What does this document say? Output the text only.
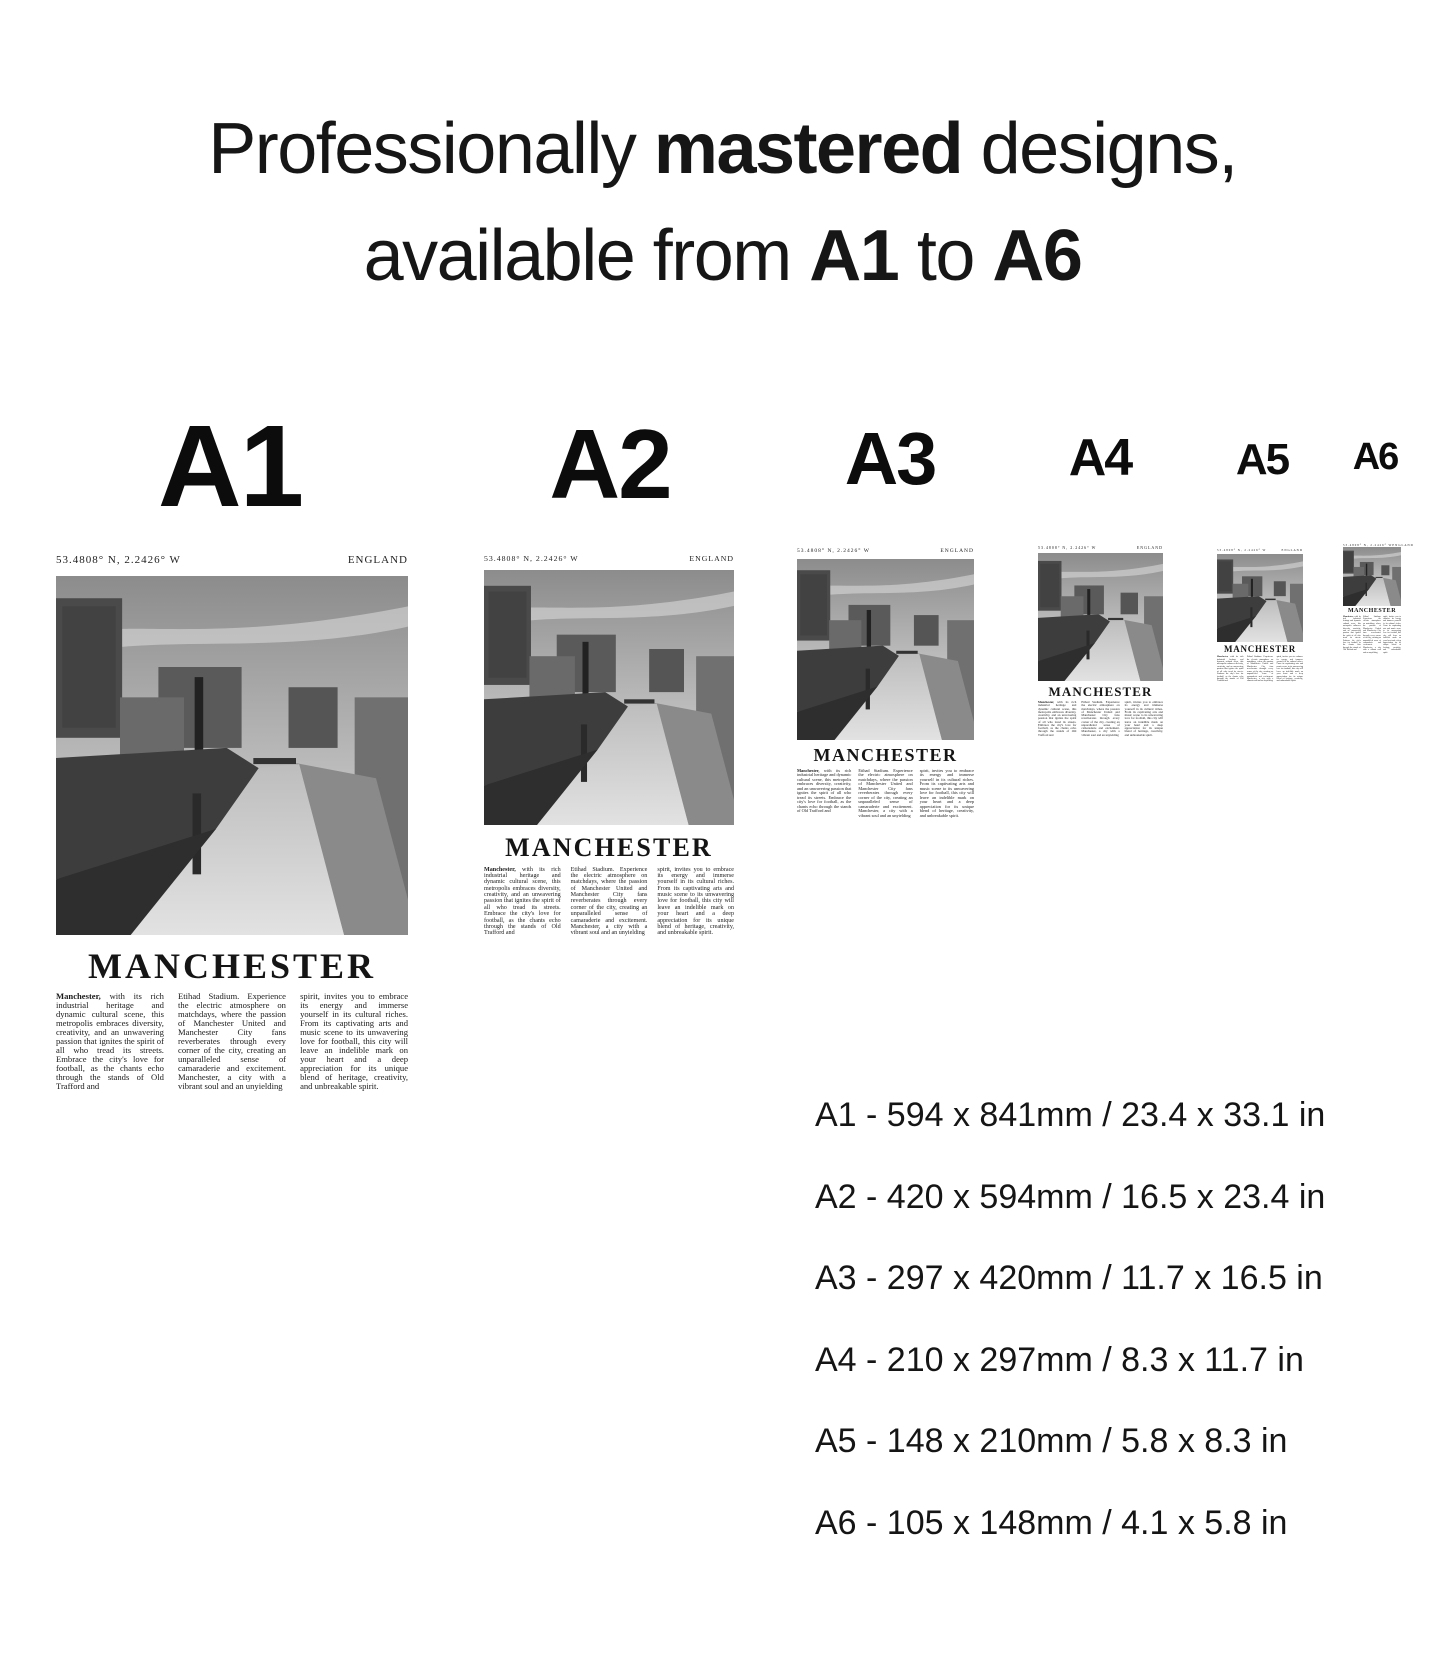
Professionally mastered designs,
available from A1 to A6
A1	A2 A3	A4	A5	A6
53.4808° N, 2.2426° W	ENGLAND
MANCHESTER

Manchester, with its rich industrial heritage and dynamic cultural scene, this metropolis embraces diversity, creativity, and an unwavering passion that ignites the spirit of all who tread its streets. Embrace the city's love for football, as the chants echo through the stands of Old Trafford and

Etihad Stadium. Experience the electric atmosphere on matchdays, where the passion of Manchester United and Manchester City fans reverberates through every corner of the city, creating an unparalleled sense of camaraderie and excitement. Manchester, a city with a vibrant soul and an unyielding

spirit, invites you to embrace its energy and immerse yourself in its cultural riches. From its captivating arts and music scene to its unwavering love for football, this city will leave an indelible mark on your heart and a deep appreciation for its unique blend of heritage, creativity, and unbreakable spirit.

53.4808° N, 2.2426° W	ENGLAND
MANCHESTER

Manchester, with its rich industrial heritage and dynamic cultural scene, this metropolis embraces diversity, creativity, and an unwavering passion that ignites the spirit of all who tread its streets. Embrace the city's love for football, as the chants echo through the stands of Old Trafford and

Etihad Stadium. Experience the electric atmosphere on matchdays, where the passion of Manchester United and Manchester City fans reverberates through every corner of the city, creating an unparalleled sense of camaraderie and excitement. Manchester, a city with a vibrant soul and an unyielding

spirit, invites you to embrace its energy and immerse yourself in its cultural riches. From its captivating arts and music scene to its unwavering love for football, this city will leave an indelible mark on your heart and a deep appreciation for its unique blend of heritage, creativity, and unbreakable spirit.

53.4808° N, 2.2426° W	ENGLAND
MANCHESTER

Manchester, with its rich industrial heritage and dynamic cultural scene, this metropolis embraces diversity, creativity, and an unwavering passion that ignites the spirit of all who tread its streets. Embrace the city's love for football, as the chants echo through the stands of Old Trafford and

Etihad Stadium. Experience the electric atmosphere on matchdays, where the passion of Manchester United and Manchester City fans reverberates through every corner of the city, creating an unparalleled sense of camaraderie and excitement. Manchester, a city with a vibrant soul and an unyielding

spirit, invites you to embrace its energy and immerse yourself in its cultural riches. From its captivating arts and music scene to its unwavering love for football, this city will leave an indelible mark on your heart and a deep appreciation for its unique blend of heritage, creativity, and unbreakable spirit.

53.4808° N, 2.2426° W	ENGLAND
MANCHESTER

Manchester, with its rich industrial heritage and dynamic cultural scene, this metropolis embraces diversity, creativity, and an unwavering passion that ignites the spirit of all who tread its streets. Embrace the city's love for football, as the chants echo through the stands of Old Trafford and

Etihad Stadium. Experience the electric atmosphere on matchdays, where the passion of Manchester United and Manchester City fans reverberates through every corner of the city, creating an unparalleled sense of camaraderie and excitement. Manchester, a city with a vibrant soul and an unyielding

spirit, invites you to embrace its energy and immerse yourself in its cultural riches. From its captivating arts and music scene to its unwavering love for football, this city will leave an indelible mark on your heart and a deep appreciation for its unique blend of heritage, creativity, and unbreakable spirit.

53.4808° N, 2.2426° W	ENGLAND
MANCHESTER

Manchester, with its rich industrial heritage and dynamic cultural scene, this metropolis embraces diversity, creativity, and an unwavering passion that ignites the spirit of all who tread its streets. Embrace the city's love for football, as the chants echo through the stands of Old Trafford and

Etihad Stadium. Experience the electric atmosphere on matchdays, where the passion of Manchester United and Manchester City fans reverberates through every corner of the city, creating an unparalleled sense of camaraderie and excitement. Manchester, a city with a vibrant soul and an unyielding

spirit, invites you to embrace its energy and immerse yourself in its cultural riches. From its captivating arts and music scene to its unwavering love for football, this city will leave an indelible mark on your heart and a deep appreciation for its unique blend of heritage, creativity, and unbreakable spirit.

53.4808° N, 2.2426° W ENGLAND
MANCHESTER

Manchester, with its rich industrial heritage and dynamic cultural scene, this metropolis embraces diversity, creativity, and an unwavering passion that ignites the spirit of all who tread its streets. Embrace the city's love for football, as the chants echo through the stands of Old Trafford and

Etihad Stadium. Experience the electric atmosphere on matchdays, where the passion of Manchester United and Manchester City fans reverberates through every corner of the city, creating an unparalleled sense of camaraderie and excitement. Manchester, a city with a vibrant soul and an unyielding

spirit, invites you to embrace its energy and immerse yourself in its cultural riches. From its captivating arts and music scene to its unwavering love for football, this city will leave an indelible mark on your heart and a deep appreciation for its unique blend of heritage, creativity, and unbreakable spirit.

A1 - 594 x 841mm / 23.4 x 33.1 in
A2 - 420 x 594mm / 16.5 x 23.4 in
A3 - 297 x 420mm / 11.7 x 16.5 in
A4 - 210 x 297mm / 8.3 x 11.7 in
A5 - 148 x 210mm / 5.8 x 8.3 in
A6 - 105 x 148mm / 4.1 x 5.8 in
